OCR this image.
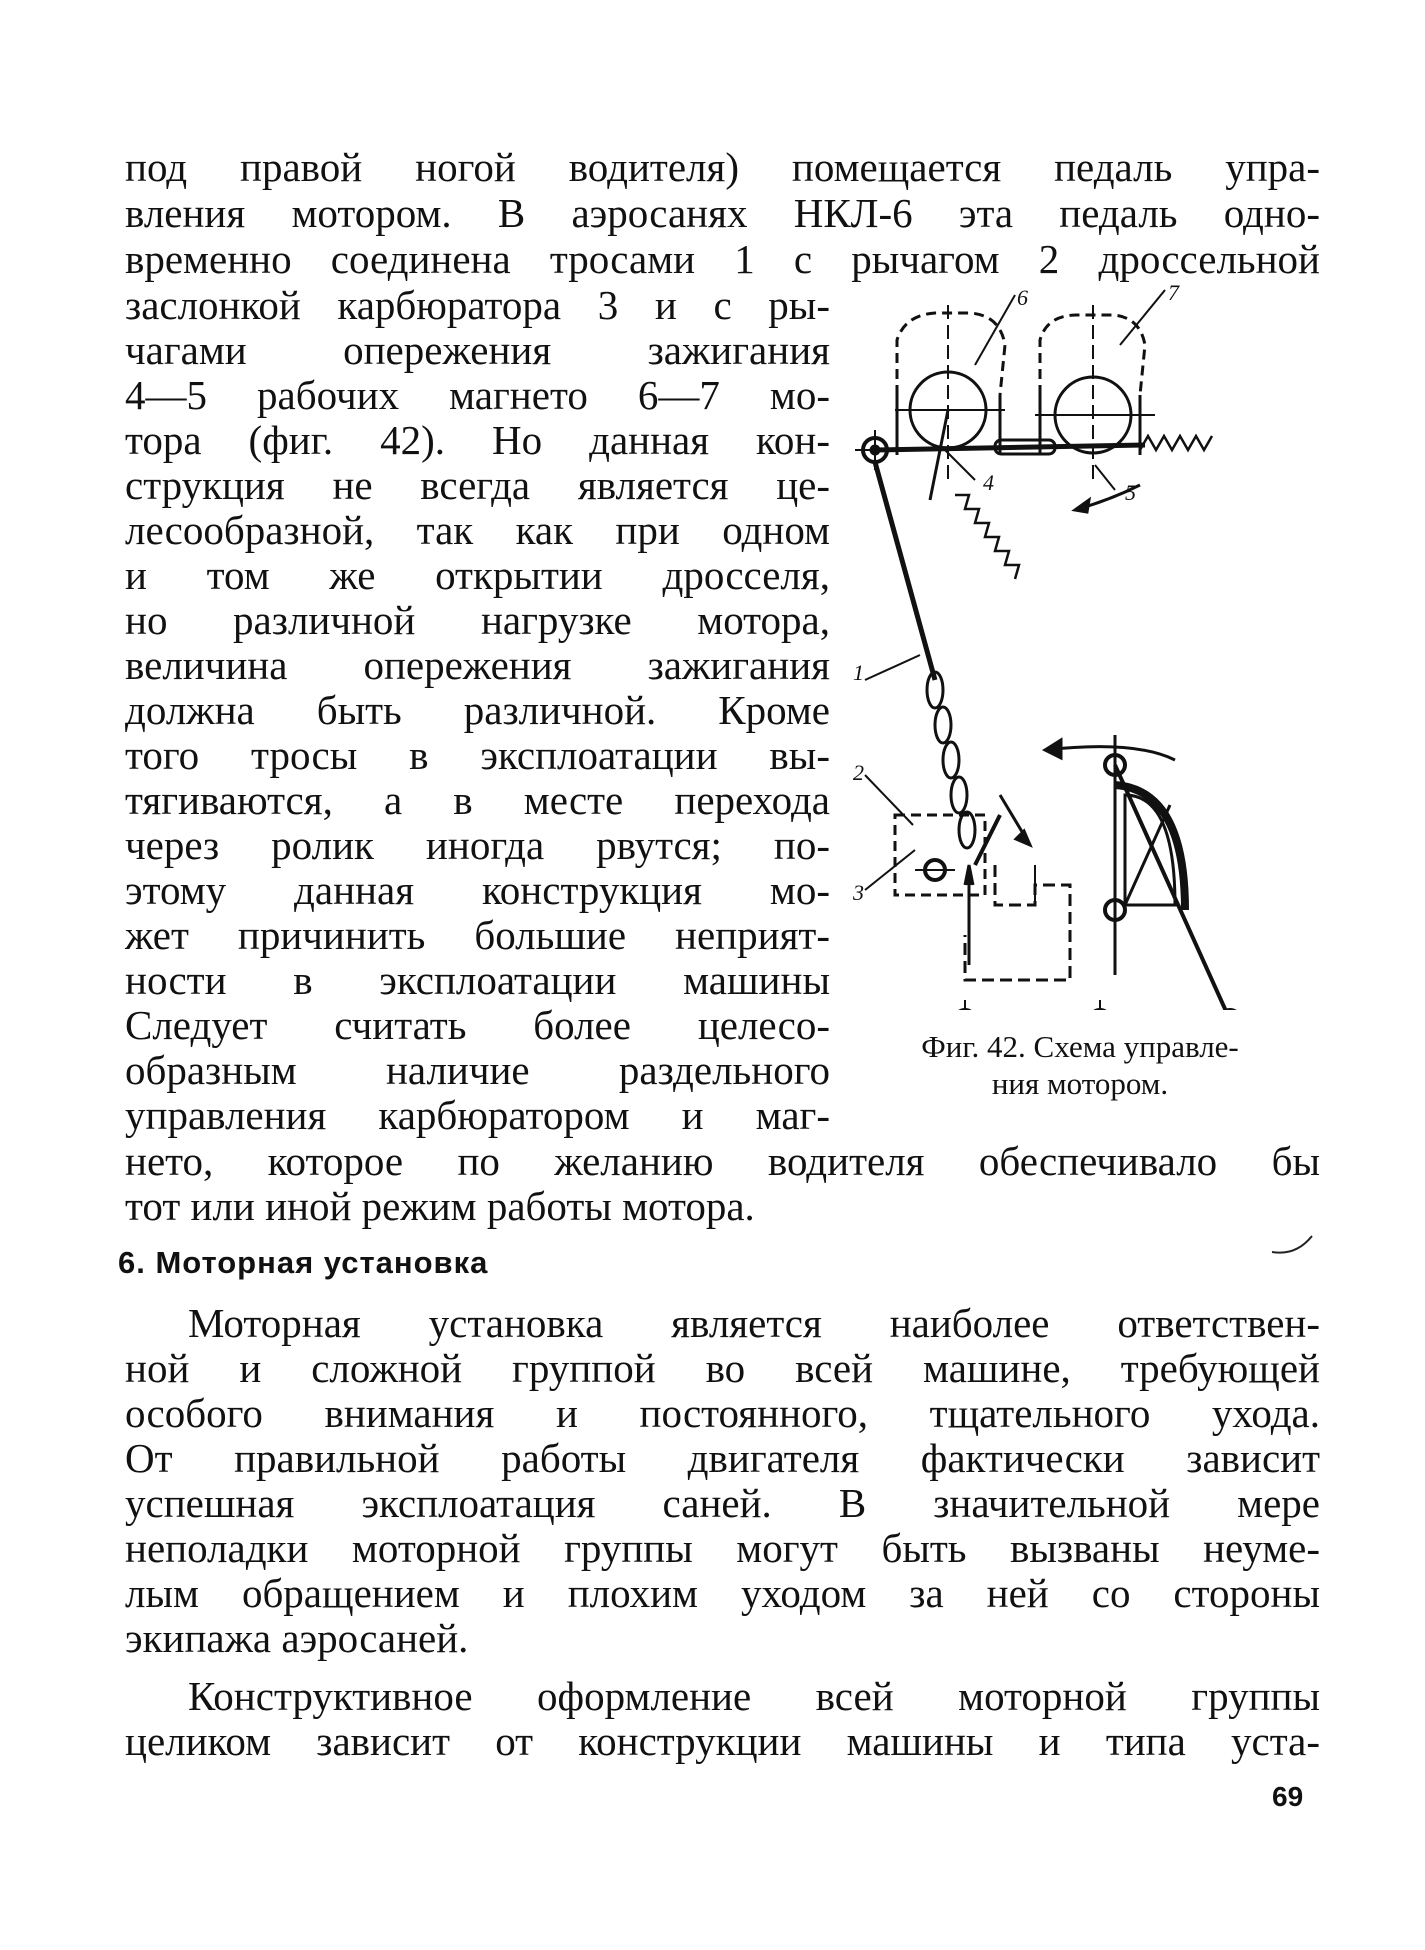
под правой ногой водителя) помещается педаль упра-
вления мотором. В аэросанях НКЛ-6 эта педаль одно-
временно соединена тросами 1 с рычагом 2 дроссельной
заслонкой карбюратора 3 и с ры-
чагами опережения зажигания
4—5 рабочих магнето 6—7 мо-
тора (фиг. 42). Но данная кон-
струкция не всегда является це-
лесообразной, так как при одном
и том же открытии дросселя,
но различной нагрузке мотора,
величина опережения зажигания
должна быть различной. Кроме
того тросы в эксплоатации вы-
тягиваются, а в месте перехода
через ролик иногда рвутся; по-
этому данная конструкция мо-
жет причинить большие неприят-
ности в эксплоатации машины
Следует считать более целесо-
образным наличие раздельного
управления карбюратором и маг-
нето, которое по желанию водителя обеспечивало бы
тот или иной режим работы мотора.
6. Моторная установка
Моторная установка является наиболее ответствен-
ной и сложной группой во всей машине, требующей
особого внимания и постоянного, тщательного ухода.
От правильной работы двигателя фактически зависит
успешная эксплоатация саней. В значительной мере
неполадки моторной группы могут быть вызваны неуме-
лым обращением и плохим уходом за ней со стороны
экипажа аэросаней.
Конструктивное оформление всей моторной группы
целиком зависит от конструкции машины и типа уста-
1
2
3
4	5
6	7
Фиг. 42. Схема управле-
ния мотором.
69
